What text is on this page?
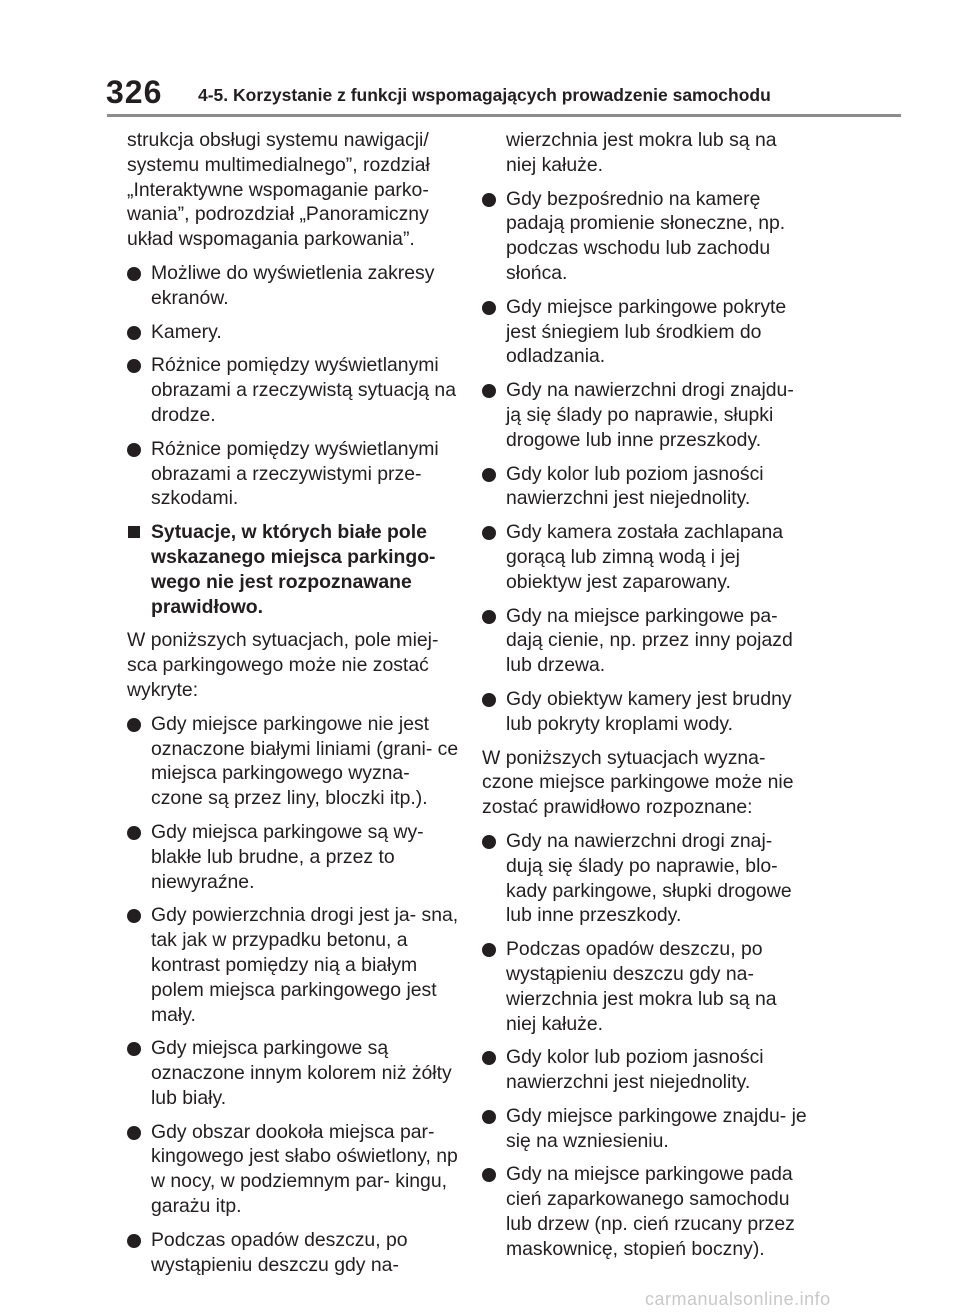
326 4-5. Korzystanie z funkcji wspomagających prowadzenie samochodu

strukcja obsługi systemu nawigacji/ systemu multimedialnego”, rozdział „Interaktywne wspomaganie parko- wania”, podrozdział „Panoramiczny układ wspomagania parkowania”.

Możliwe do wyświetlenia zakresy ekranów.
Kamery.
Różnice pomiędzy wyświetlanymi obrazami a rzeczywistą sytuacją na drodze.
Różnice pomiędzy wyświetlanymi obrazami a rzeczywistymi prze- szkodami.
Sytuacje, w których białe pole wskazanego miejsca parkingo- wego nie jest rozpoznawane prawidłowo.

W poniższych sytuacjach, pole miej- sca parkingowego może nie zostać wykryte:

Gdy miejsce parkingowe nie jest oznaczone białymi liniami (grani- ce miejsca parkingowego wyzna- czone są przez liny, bloczki itp.).
Gdy miejsca parkingowe są wy- blakłe lub brudne, a przez to niewyraźne.
Gdy powierzchnia drogi jest ja- sna, tak jak w przypadku betonu, a kontrast pomiędzy nią a białym polem miejsca parkingowego jest mały.
Gdy miejsca parkingowe są oznaczone innym kolorem niż żółty lub biały.
Gdy obszar dookoła miejsca par- kingowego jest słabo oświetlony, np w nocy, w podziemnym par- kingu, garażu itp.
Podczas opadów deszczu, po wystąpieniu deszczu gdy na-

wierzchnia jest mokra lub są na niej kałuże.

Gdy bezpośrednio na kamerę padają promienie słoneczne, np. podczas wschodu lub zachodu słońca.
Gdy miejsce parkingowe pokryte jest śniegiem lub środkiem do odladzania.
Gdy na nawierzchni drogi znajdu- ją się ślady po naprawie, słupki drogowe lub inne przeszkody.
Gdy kolor lub poziom jasności nawierzchni jest niejednolity.
Gdy kamera została zachlapana gorącą lub zimną wodą i jej obiektyw jest zaparowany.
Gdy na miejsce parkingowe pa- dają cienie, np. przez inny pojazd lub drzewa.
Gdy obiektyw kamery jest brudny lub pokryty kroplami wody.

W poniższych sytuacjach wyzna- czone miejsce parkingowe może nie zostać prawidłowo rozpoznane:

Gdy na nawierzchni drogi znaj- dują się ślady po naprawie, blo- kady parkingowe, słupki drogowe lub inne przeszkody.
Podczas opadów deszczu, po wystąpieniu deszczu gdy na- wierzchnia jest mokra lub są na niej kałuże.
Gdy kolor lub poziom jasności nawierzchni jest niejednolity.
Gdy miejsce parkingowe znajdu- je się na wzniesieniu.
Gdy na miejsce parkingowe pada cień zaparkowanego samochodu lub drzew (np. cień rzucany przez maskownicę, stopień boczny).
carmanualsonline.info
